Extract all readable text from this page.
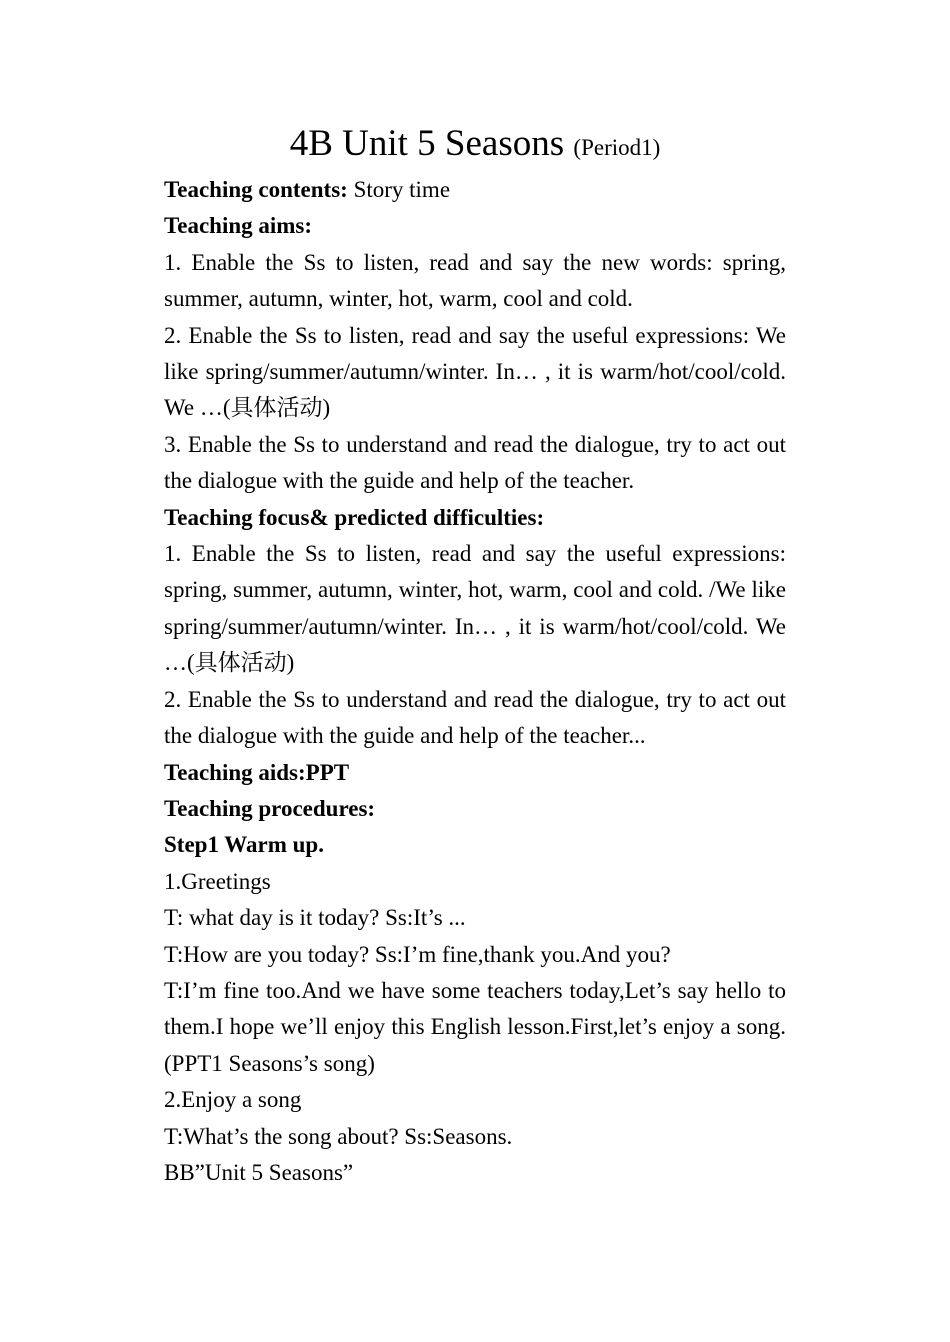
4B Unit 5 Seasons (Period1)

Teaching contents: Story time

Teaching aims:

1. Enable the Ss to listen, read and say the new words: spring, summer, autumn, winter, hot, warm, cool and cold.

2. Enable the Ss to listen, read and say the useful expressions: We like spring/summer/autumn/winter. In… , it is warm/hot/cool/cold. We …(具体活动)

3. Enable the Ss to understand and read the dialogue, try to act out the dialogue with the guide and help of the teacher.

Teaching focus& predicted difficulties:

1. Enable the Ss to listen, read and say the useful expressions: spring, summer, autumn, winter, hot, warm, cool and cold. /We like spring/summer/autumn/winter. In… , it is warm/hot/cool/cold. We …(具体活动)

2. Enable the Ss to understand and read the dialogue, try to act out the dialogue with the guide and help of the teacher...

Teaching aids:PPT

Teaching procedures:

Step1 Warm up.

1.Greetings

T: what day is it today? Ss:It’s ...

T:How are you today? Ss:I’m fine,thank you.And you?

T:I’m fine too.And we have some teachers today,Let’s say hello to them.I hope we’ll enjoy this English lesson.First,let’s enjoy a song.(PPT1 Seasons’s song)

2.Enjoy a song

T:What’s the song about? Ss:Seasons.

BB”Unit 5 Seasons”
